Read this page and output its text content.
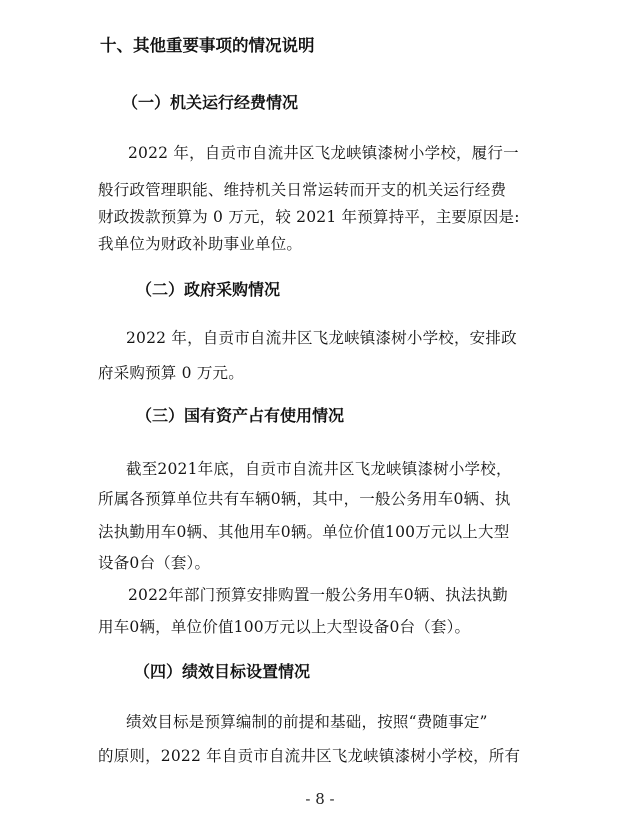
十、其他重要事项的情况说明
（一）机关运行经费情况
2022 年，自贡市自流井区飞龙峡镇漆树小学校，履行一
般行政管理职能、维持机关日常运转而开支的机关运行经费
财政拨款预算为 0 万元，较 2021 年预算持平，主要原因是:
我单位为财政补助事业单位。
（二）政府采购情况
2022 年，自贡市自流井区飞龙峡镇漆树小学校，安排政
府采购预算 0 万元。
（三）国有资产占有使用情况
截至2021年底，自贡市自流井区飞龙峡镇漆树小学校，
所属各预算单位共有车辆0辆，其中，一般公务用车0辆、执
法执勤用车0辆、其他用车0辆。单位价值100万元以上大型
设备0台（套）。
2022年部门预算安排购置一般公务用车0辆、执法执勤
用车0辆，单位价值100万元以上大型设备0台（套）。
（四）绩效目标设置情况
绩效目标是预算编制的前提和基础，按照“费随事定”
的原则，2022 年自贡市自流井区飞龙峡镇漆树小学校，所有
- 8 -
